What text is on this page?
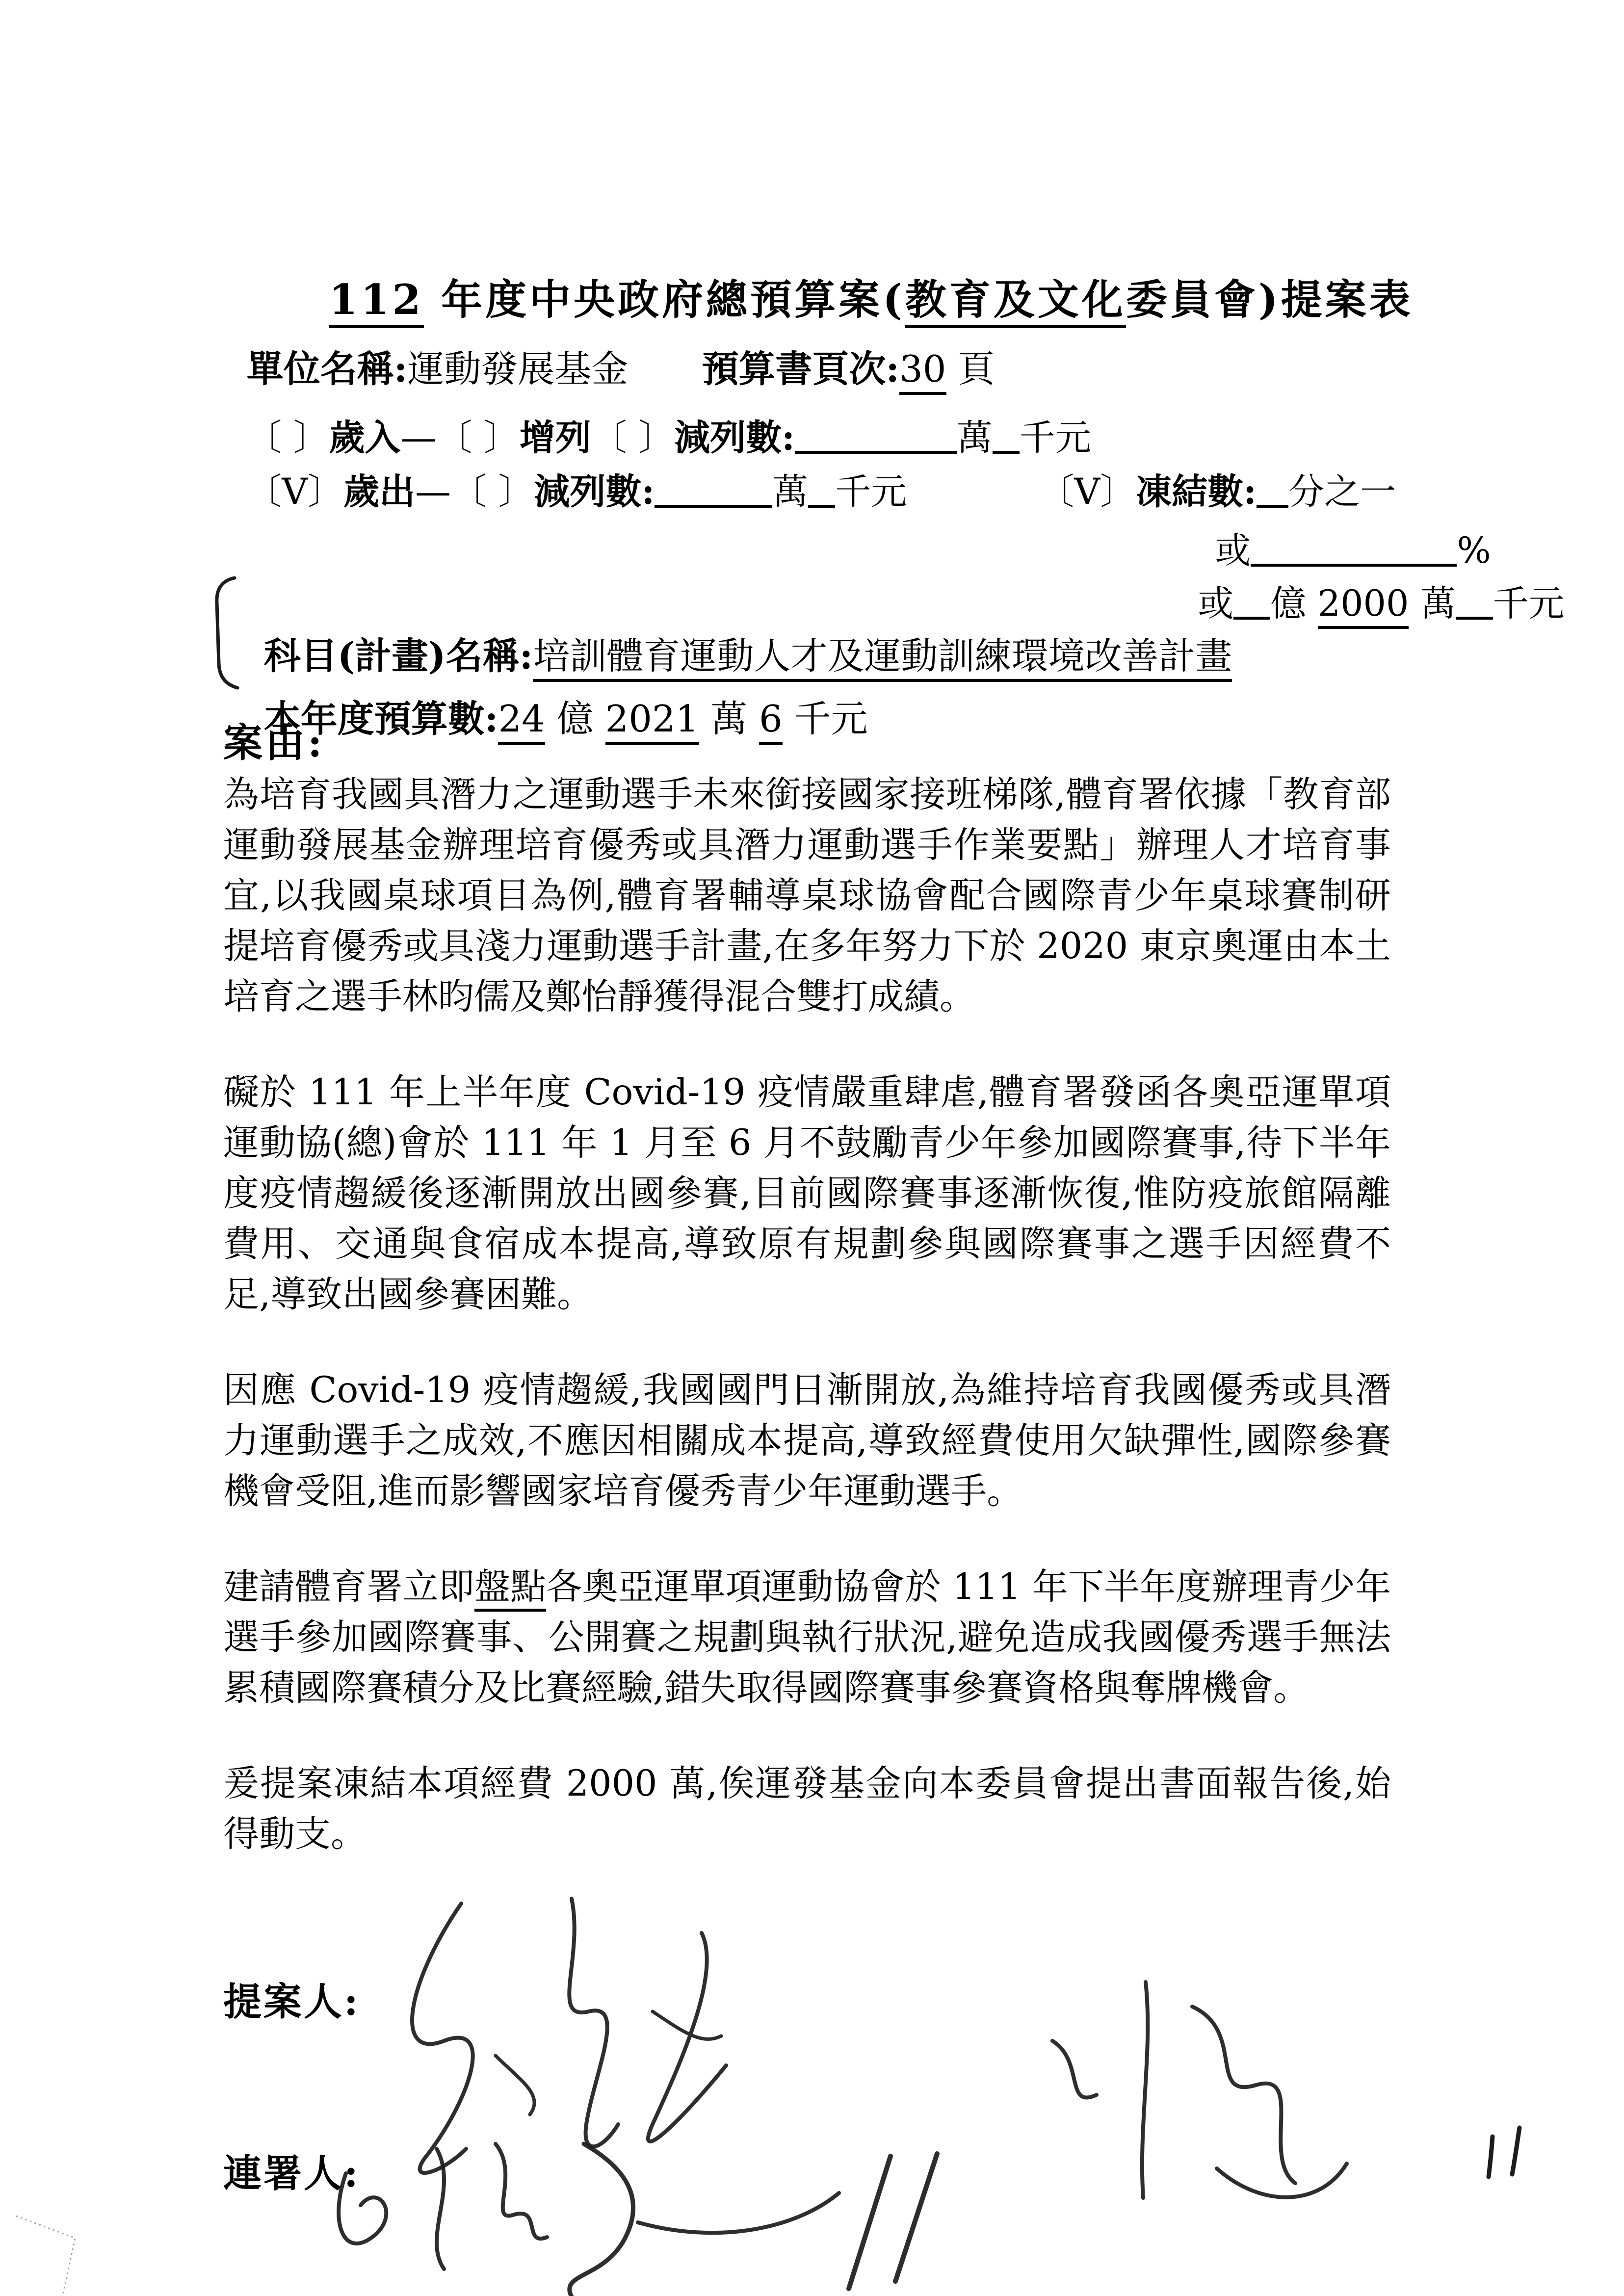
112 年度中央政府總預算案(教育及文化委員會)提案表

單位名稱:運動發展基金 預算書頁次:30 頁

〔 〕歲入—〔 〕增列〔 〕減列數:	萬 千元

〔V〕歲出—〔 〕減列數:	萬 千元	〔V〕凍結數: 分之一

或	%

或 億 2000 萬 千元

科目(計畫)名稱:培訓體育運動人才及運動訓練環境改善計畫

本年度預算數:24 億 2021 萬 6 千元

案由:

為培育我國具潛力之運動選手未來銜接國家接班梯隊,體育署依據「教育部運動發展基金辦理培育優秀或具潛力運動選手作業要點」辦理人才培育事宜,以我國桌球項目為例,體育署輔導桌球協會配合國際青少年桌球賽制研提培育優秀或具淺力運動選手計畫,在多年努力下於 2020 東京奧運由本土培育之選手林昀儒及鄭怡靜獲得混合雙打成績。

礙於 111 年上半年度 Covid-19 疫情嚴重肆虐,體育署發函各奧亞運單項運動協(總)會於 111 年 1 月至 6 月不鼓勵青少年參加國際賽事,待下半年度疫情趨緩後逐漸開放出國參賽,目前國際賽事逐漸恢復,惟防疫旅館隔離費用、交通與食宿成本提高,導致原有規劃參與國際賽事之選手因經費不足,導致出國參賽困難。

因應 Covid-19 疫情趨緩,我國國門日漸開放,為維持培育我國優秀或具潛力運動選手之成效,不應因相關成本提高,導致經費使用欠缺彈性,國際參賽機會受阻,進而影響國家培育優秀青少年運動選手。

建請體育署立即盤點各奧亞運單項運動協會於 111 年下半年度辦理青少年選手參加國際賽事、公開賽之規劃與執行狀況,避免造成我國優秀選手無法累積國際賽積分及比賽經驗,錯失取得國際賽事參賽資格與奪牌機會。

爰提案凍結本項經費 2000 萬,俟運發基金向本委員會提出書面報告後,始得動支。

提案人:
連署人:
